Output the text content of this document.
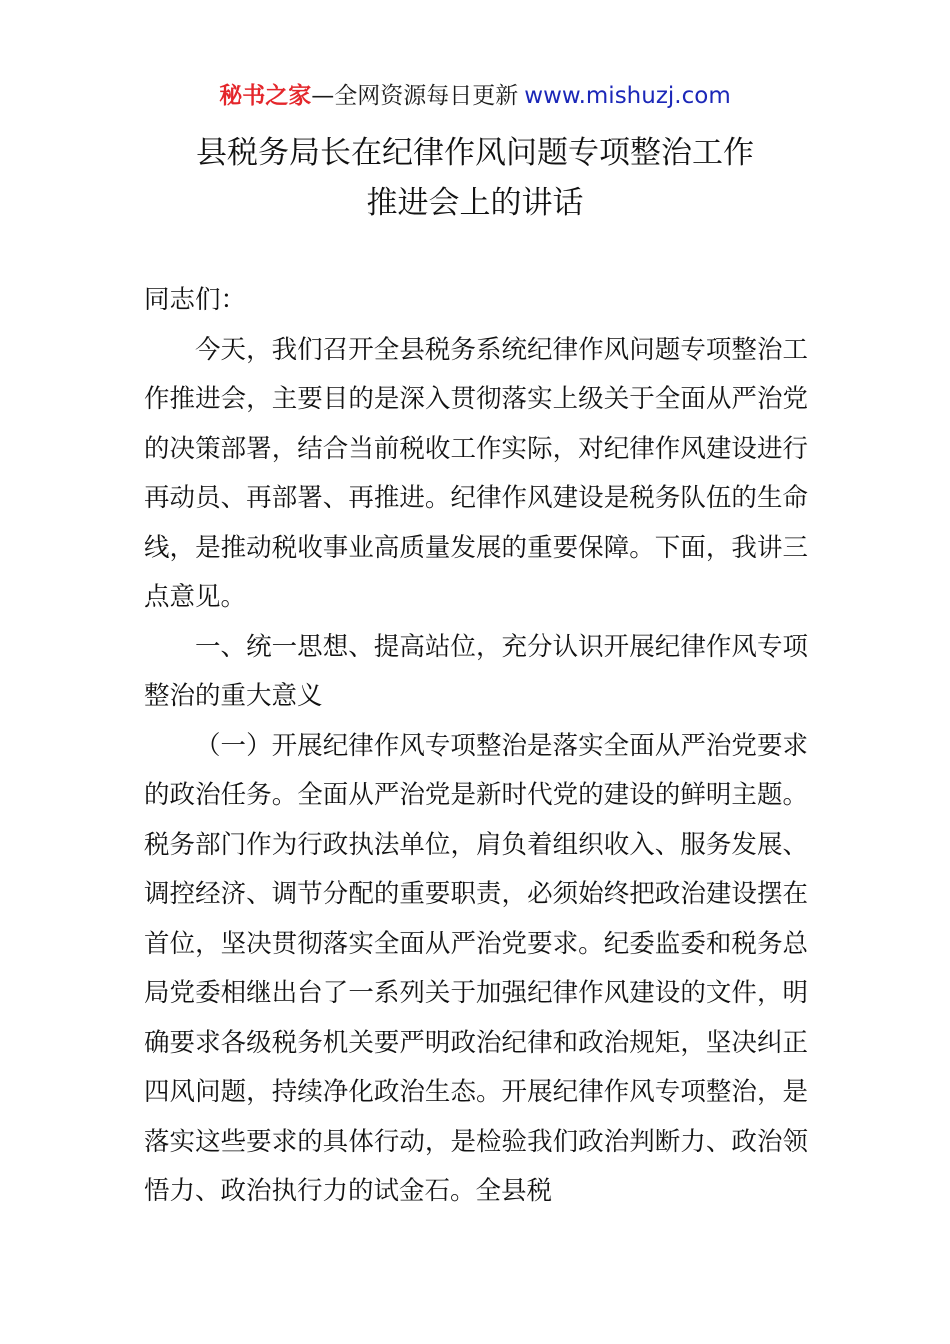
秘书之家—全网资源每日更新 www.mishuzj.com
县税务局长在纪律作风问题专项整治工作
推进会上的讲话

同志们：

今天，我们召开全县税务系统纪律作风问题专项整治工作推进会，主要目的是深入贯彻落实上级关于全面从严治党的决策部署，结合当前税收工作实际，对纪律作风建设进行再动员、再部署、再推进。纪律作风建设是税务队伍的生命线，是推动税收事业高质量发展的重要保障。下面，我讲三点意见。

一、统一思想、提高站位，充分认识开展纪律作风专项整治的重大意义

（一）开展纪律作风专项整治是落实全面从严治党要求的政治任务。全面从严治党是新时代党的建设的鲜明主题。税务部门作为行政执法单位，肩负着组织收入、服务发展、调控经济、调节分配的重要职责，必须始终把政治建设摆在首位，坚决贯彻落实全面从严治党要求。纪委监委和税务总局党委相继出台了一系列关于加强纪律作风建设的文件，明确要求各级税务机关要严明政治纪律和政治规矩，坚决纠正四风问题，持续净化政治生态。开展纪律作风专项整治，是落实这些要求的具体行动，是检验我们政治判断力、政治领悟力、政治执行力的试金石。全县税
